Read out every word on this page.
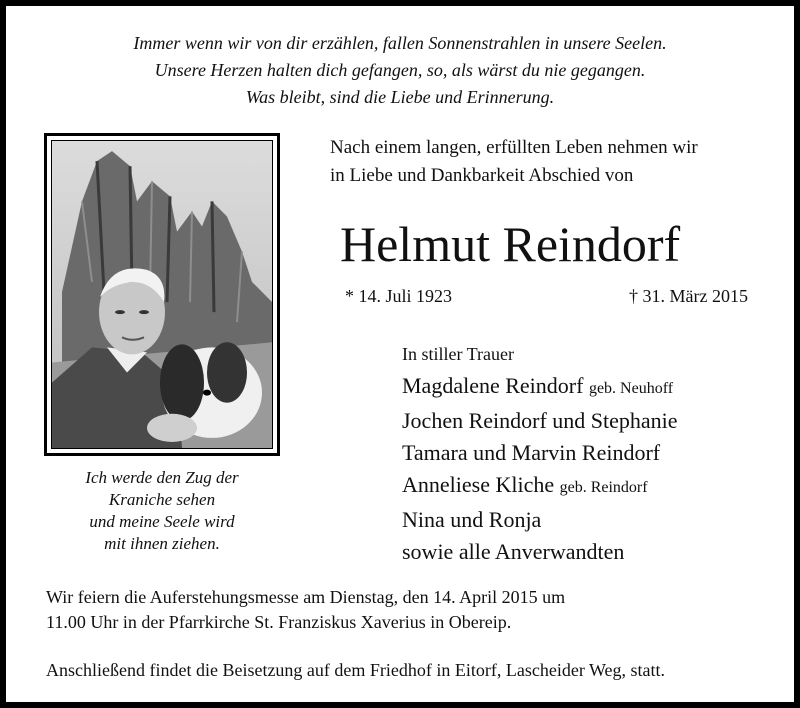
Immer wenn wir von dir erzählen, fallen Sonnenstrahlen in unsere Seelen.
Unsere Herzen halten dich gefangen, so, als wärst du nie gegangen.
Was bleibt, sind die Liebe und Erinnerung.
Ich werde den Zug der
Kraniche sehen
und meine Seele wird
mit ihnen ziehen.
Nach einem langen, erfüllten Leben nehmen wir
in Liebe und Dankbarkeit Abschied von
Helmut Reindorf
* 14. Juli 1923	† 31. März 2015
In stiller Trauer
Magdalene Reindorf geb. Neuhoff
Jochen Reindorf und Stephanie
Tamara und Marvin Reindorf
Anneliese Kliche geb. Reindorf
Nina und Ronja
sowie alle Anverwandten
Wir feiern die Auferstehungsmesse am Dienstag, den 14. April 2015 um
11.00 Uhr in der Pfarrkirche St. Franziskus Xaverius in Obereip.
Anschließend findet die Beisetzung auf dem Friedhof in Eitorf, Lascheider Weg, statt.
